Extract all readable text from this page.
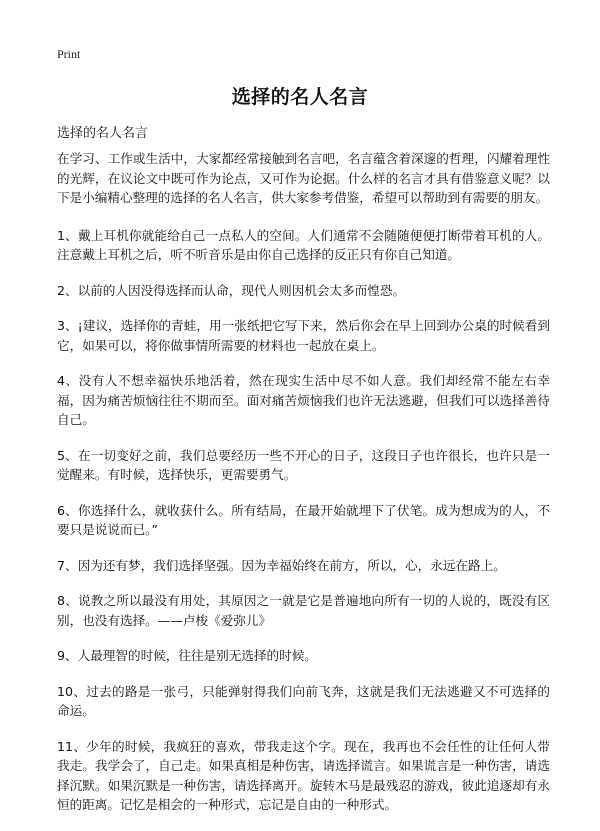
Print
选择的名人名言

选择的名人名言

在学习、工作或生活中，大家都经常接触到名言吧，名言蕴含着深邃的哲理，闪耀着理性的光辉，在议论文中既可作为论点，又可作为论据。什么样的名言才具有借鉴意义呢？以下是小编精心整理的选择的名人名言，供大家参考借鉴，希望可以帮助到有需要的朋友。

1、戴上耳机你就能给自己一点私人的空间。人们通常不会随随便便打断带着耳机的人。注意戴上耳机之后，听不听音乐是由你自己选择的反正只有你自己知道。

2、以前的人因没得选择而认命，现代人则因机会太多而惶恐。

3、¡建议，选择你的青蛙，用一张纸把它写下来，然后你会在早上回到办公桌的时候看到它，如果可以，将你做事情所需要的材料也一起放在桌上。

4、没有人不想幸福快乐地活着，然在现实生活中尽不如人意。我们却经常不能左右幸福，因为痛苦烦恼往往不期而至。面对痛苦烦恼我们也许无法逃避，但我们可以选择善待自己。

5、在一切变好之前，我们总要经历一些不开心的日子，这段日子也许很长，也许只是一觉醒来。有时候，选择快乐，更需要勇气。

6、你选择什么，就收获什么。所有结局，在最开始就埋下了伏笔。成为想成为的人，不要只是说说而已。”

7、因为还有梦，我们选择坚强。因为幸福始终在前方，所以，心，永远在路上。

8、说教之所以最没有用处，其原因之一就是它是普遍地向所有一切的人说的，既没有区别，也没有选择。——卢梭《爱弥儿》

9、人最理智的时候，往往是别无选择的时候。

10、过去的路是一张弓，只能弹射得我们向前飞奔，这就是我们无法逃避又不可选择的命运。

11、少年的时候，我疯狂的喜欢，带我走这个字。现在，我再也不会任性的让任何人带我走。我学会了，自己走。如果真相是种伤害，请选择谎言。如果谎言是一种伤害，请选择沉默。如果沉默是一种伤害，请选择离开。旋转木马是最残忍的游戏，彼此追逐却有永恒的距离。记忆是相会的一种形式，忘记是自由的一种形式。
